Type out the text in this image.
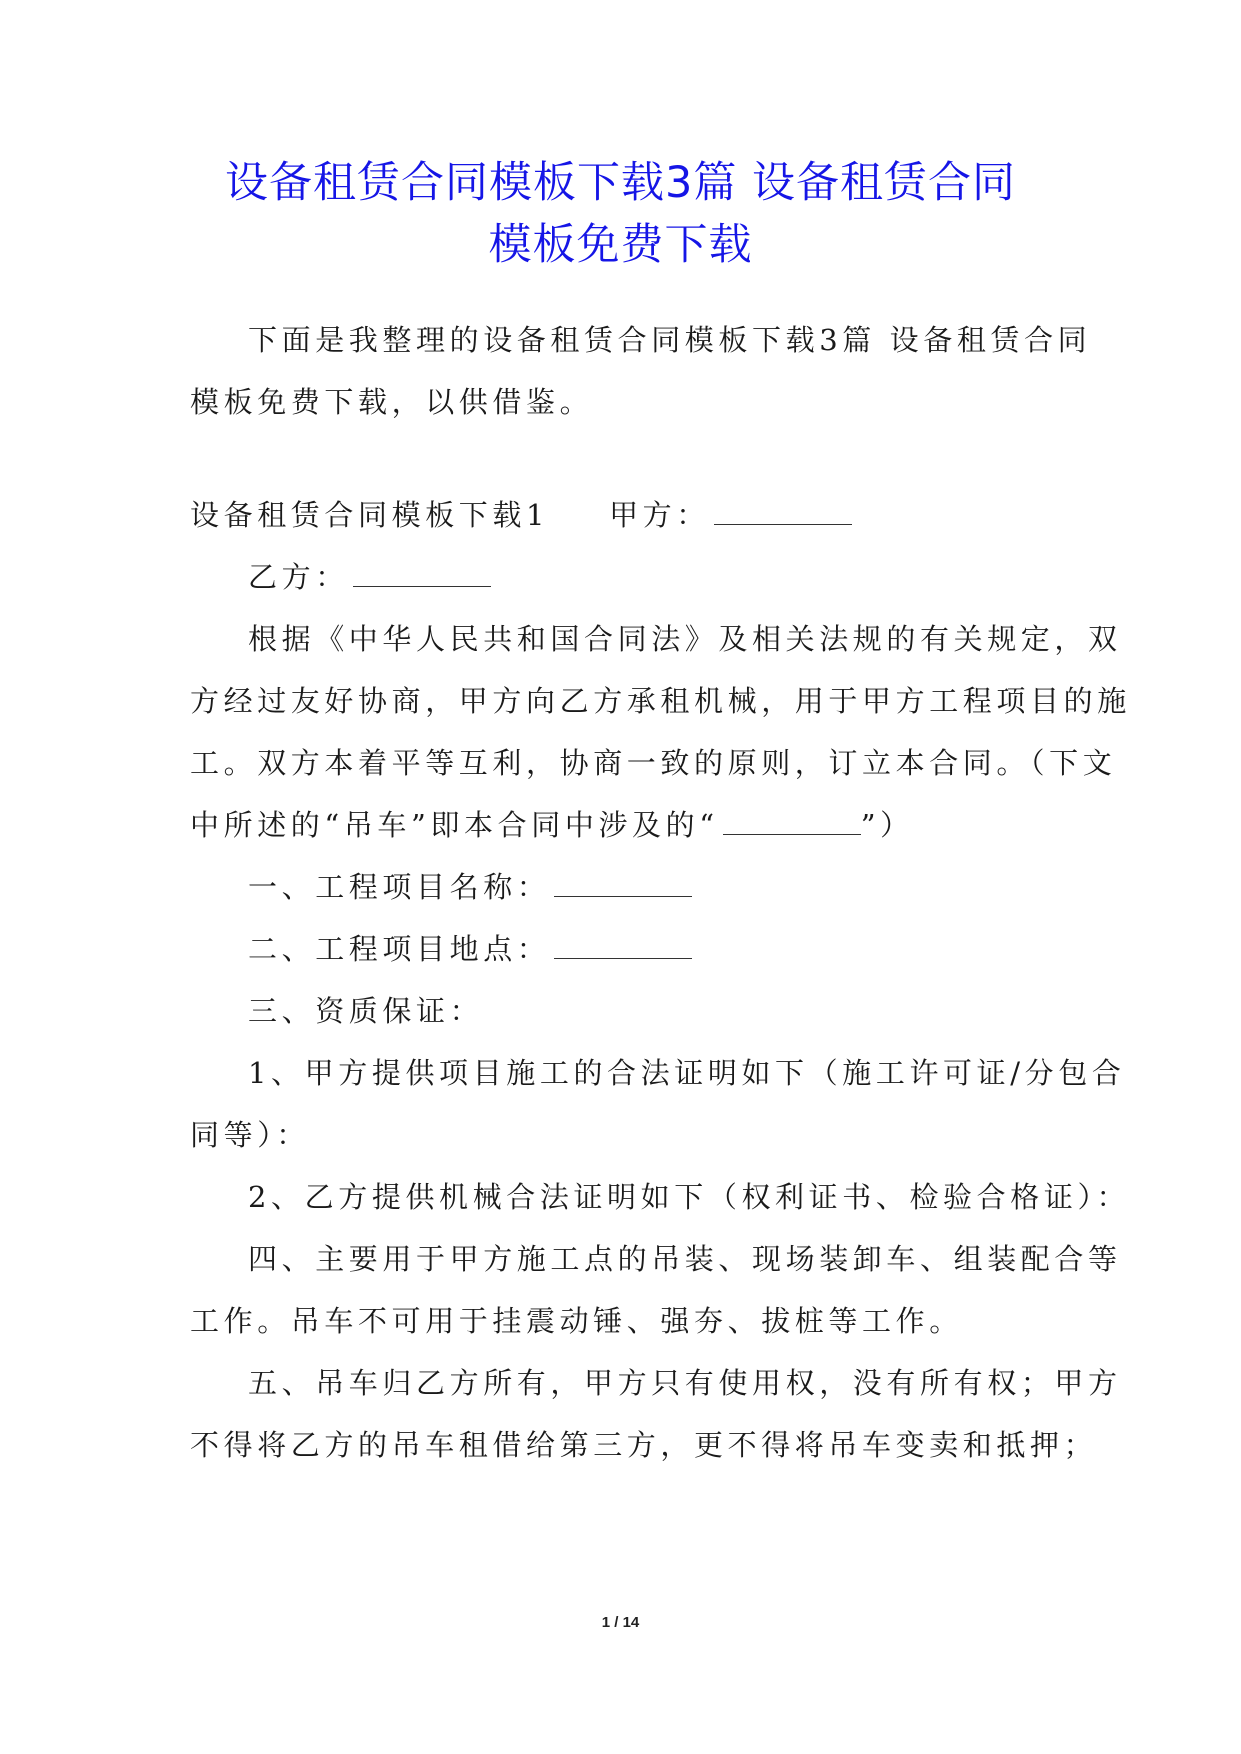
设备租赁合同模板下载3篇 设备租赁合同
模板免费下载

下面是我整理的设备租赁合同模板下载3篇 设备租赁合同

模板免费下载，以供借鉴。

设备租赁合同模板下载1 甲方：

乙方：

根据《中华人民共和国合同法》及相关法规的有关规定，双

方经过友好协商，甲方向乙方承租机械，用于甲方工程项目的施

工。双方本着平等互利，协商一致的原则，订立本合同。（下文

中所述的“吊车”即本合同中涉及的“	”）

一、工程项目名称：

二、工程项目地点：

三、资质保证：

1、甲方提供项目施工的合法证明如下（施工许可证/分包合

同等）：

2、乙方提供机械合法证明如下（权利证书、检验合格证）：

四、主要用于甲方施工点的吊装、现场装卸车、组装配合等

工作。吊车不可用于挂震动锤、强夯、拔桩等工作。

五、吊车归乙方所有，甲方只有使用权，没有所有权；甲方

不得将乙方的吊车租借给第三方，更不得将吊车变卖和抵押；

1 / 14
